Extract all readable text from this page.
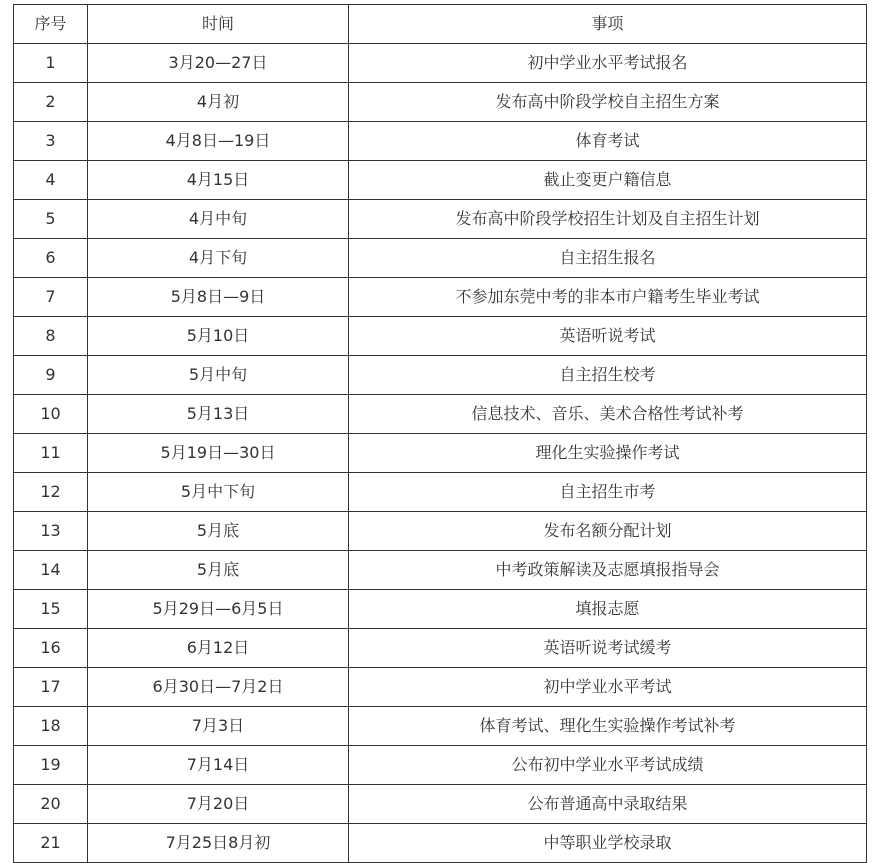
序号	时间	事项
1	3月20—27日	初中学业水平考试报名
2	4月初	发布高中阶段学校自主招生方案
3	4月8日—19日	体育考试
4	4月15日	截止变更户籍信息
5	4月中旬	发布高中阶段学校招生计划及自主招生计划
6	4月下旬	自主招生报名
7	5月8日—9日	不参加东莞中考的非本市户籍考生毕业考试
8	5月10日	英语听说考试
9	5月中旬	自主招生校考
10	5月13日	信息技术、音乐、美术合格性考试补考
11	5月19日—30日	理化生实验操作考试
12	5月中下旬	自主招生市考
13	5月底	发布名额分配计划
14	5月底	中考政策解读及志愿填报指导会
15	5月29日—6月5日	填报志愿
16	6月12日	英语听说考试缓考
17	6月30日—7月2日	初中学业水平考试
18	7月3日	体育考试、理化生实验操作考试补考
19	7月14日	公布初中学业水平考试成绩
20	7月20日	公布普通高中录取结果
21	7月25日8月初	中等职业学校录取
